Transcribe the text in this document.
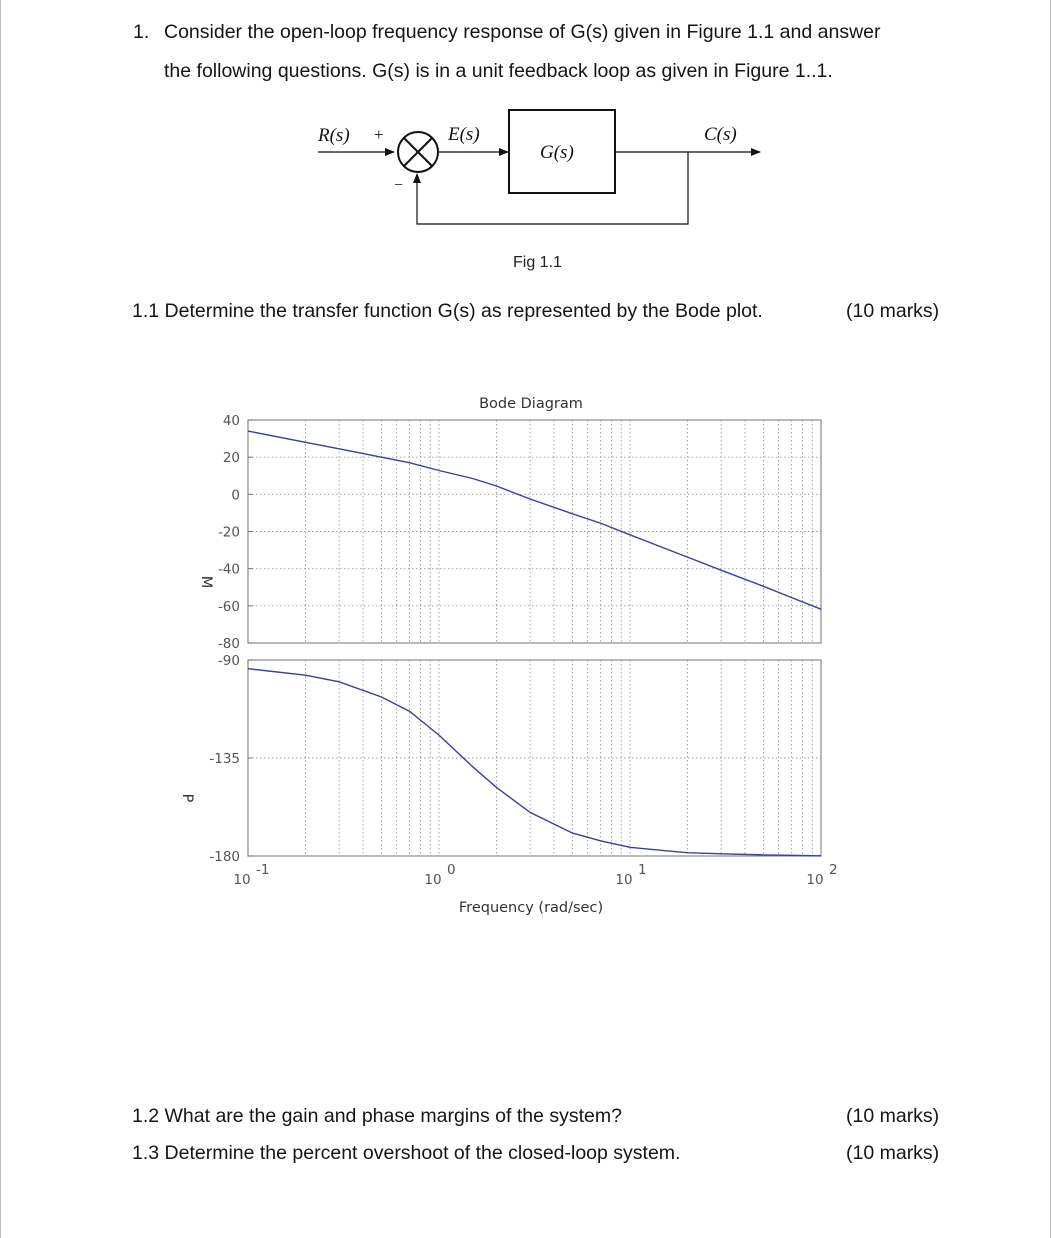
1. Consider the open-loop frequency response of G(s) given in Figure 1.1 and answer
the following questions. G(s) is in a unit feedback loop as given in Figure 1..1.
R(s) +
−
E(s)
G(s)
C(s)
Fig 1.1
1.1 Determine the transfer function G(s) as represented by the Bode plot.	(10 marks)
Bode Diagram
40
20
0
-20
-40
-60
-80
-90
-135
-180
10
-1
10
0
10
1
10
2
M
P
Frequency (rad/sec)
1.2 What are the gain and phase margins of the system?	(10 marks)
1.3 Determine the percent overshoot of the closed-loop system.	(10 marks)
